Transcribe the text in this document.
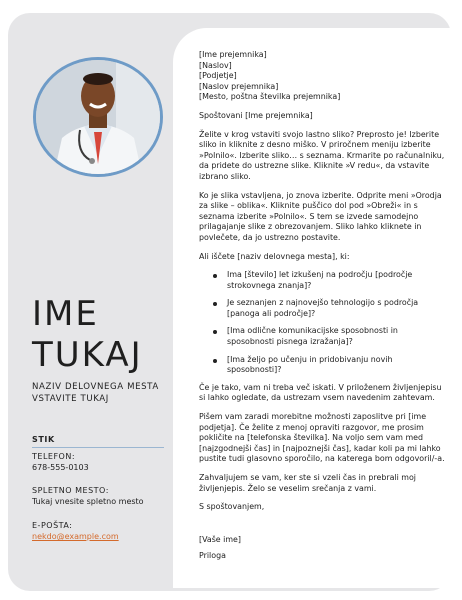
IME
TUKAJ
NAZIV DELOVNEGA MESTA
VSTAVITE TUKAJ
STIK
TELEFON:
678-555-0103
SPLETNO MESTO:
Tukaj vnesite spletno mesto
E-POŠTA:
nekdo@example.com

[Ime prejemnika]
[Naslov]
[Podjetje]
[Naslov prejemnika]
[Mesto, poštna številka prejemnika]

Spoštovani [Ime prejemnika]

Želite v krog vstaviti svojo lastno sliko? Preprosto je! Izberite sliko in kliknite z desno miško. V priročnem meniju izberite »Polnilo«. Izberite sliko… s seznama. Krmarite po računalniku, da pridete do ustrezne slike. Kliknite »V redu«, da vstavite izbrano sliko.

Ko je slika vstavljena, jo znova izberite. Odprite meni »Orodja za slike – oblika«. Kliknite puščico dol pod »Obreži« in s seznama izberite »Polnilo«. S tem se izvede samodejno prilagajanje slike z obrezovanjem. Sliko lahko kliknete in povlečete, da jo ustrezno postavite.

Ali iščete [naziv delovnega mesta], ki:

Ima [število] let izkušenj na področju [področje strokovnega znanja]?
Je seznanjen z najnovejšo tehnologijo s področja [panoga ali področje]?
[Ima odlične komunikacijske sposobnosti in sposobnosti pisnega izražanja]?
[Ima željo po učenju in pridobivanju novih sposobnosti]?

Če je tako, vam ni treba več iskati. V priloženem življenjepisu si lahko ogledate, da ustrezam vsem navedenim zahtevam.

Pišem vam zaradi morebitne možnosti zaposlitve pri [ime podjetja]. Če želite z menoj opraviti razgovor, me prosim pokličite na [telefonska številka]. Na voljo sem vam med [najzgodnejši čas] in [najpoznejši čas], kadar koli pa mi lahko pustite tudi glasovno sporočilo, na katerega bom odgovoril/-a.

Zahvaljujem se vam, ker ste si vzeli čas in prebrali moj življenjepis. Želo se veselim srečanja z vami.

S spoštovanjem,

[Vaše ime]

Priloga
